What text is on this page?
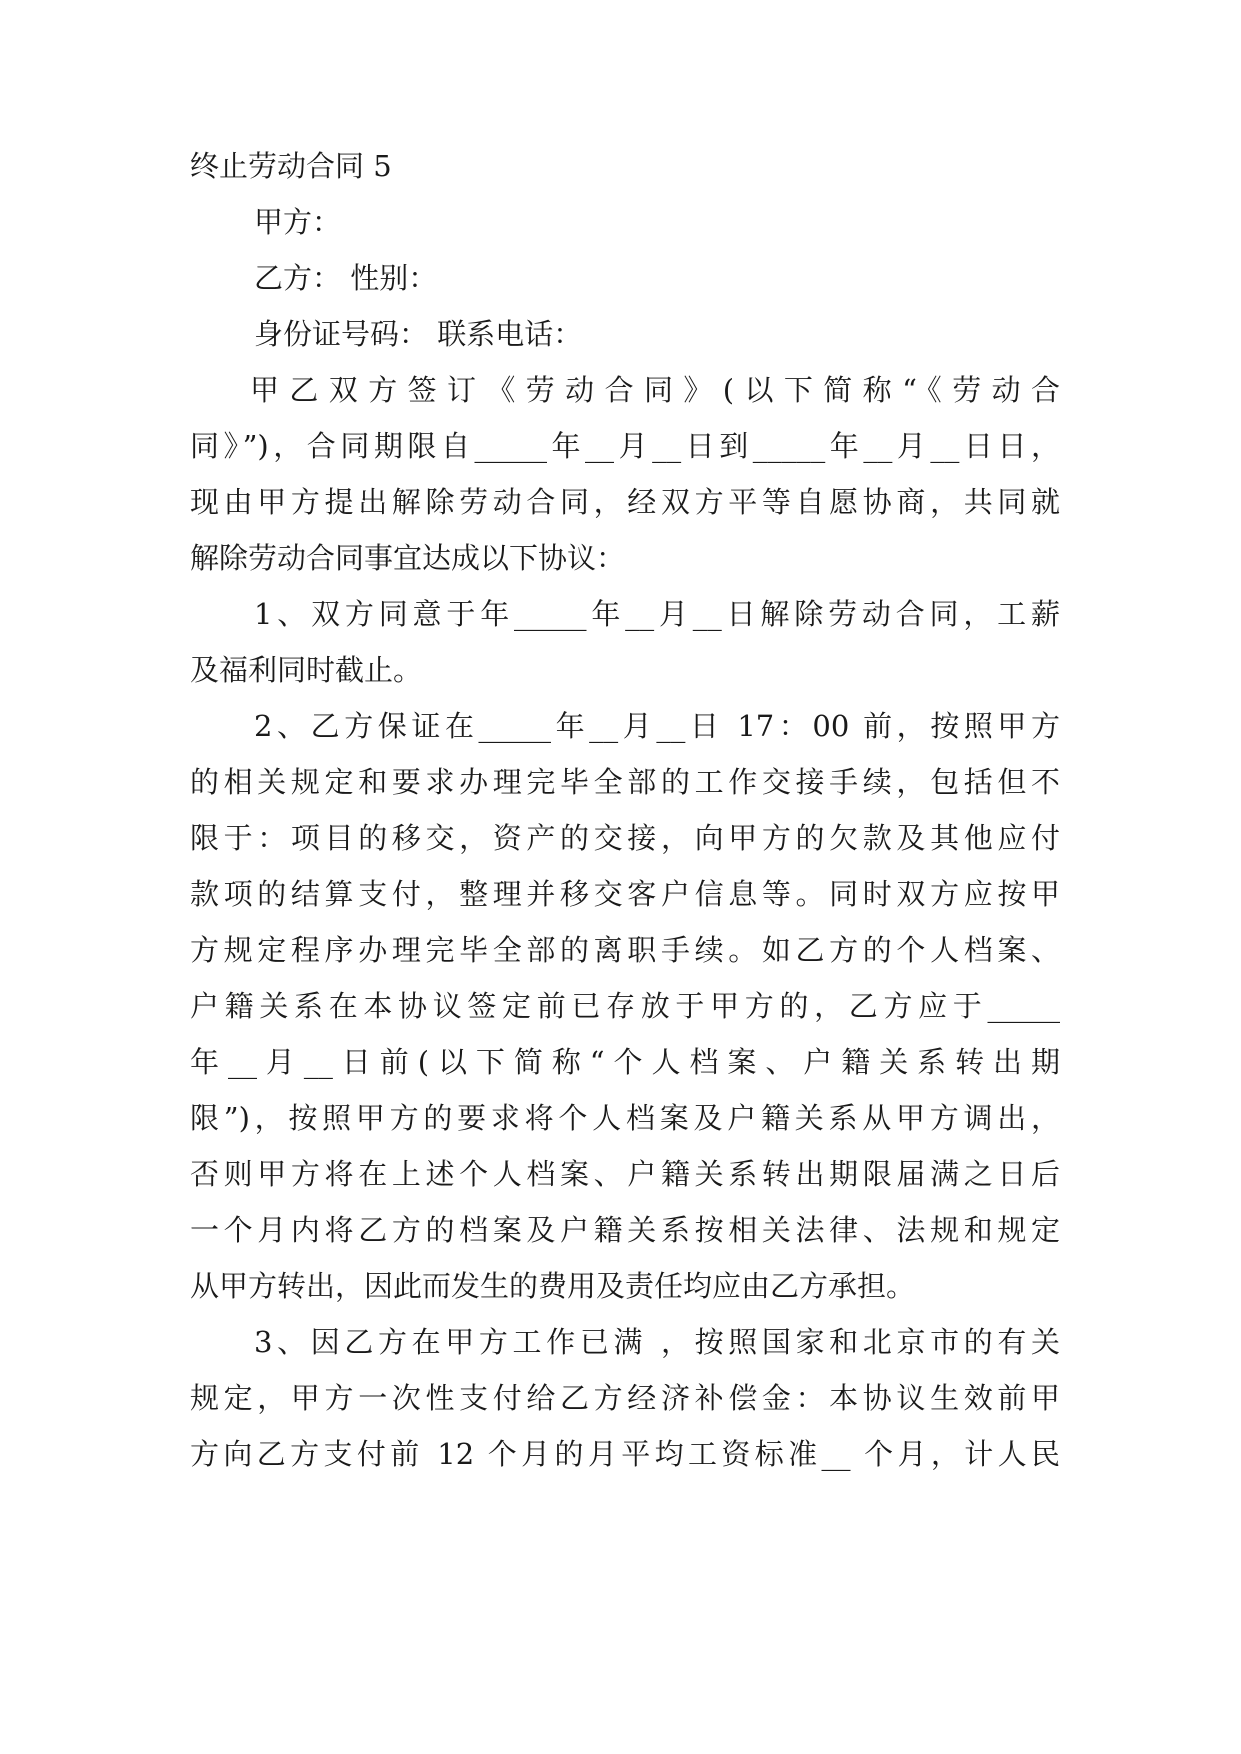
终止劳动合同 5

甲方：

乙方： 性别：

身份证号码： 联系电话：

甲乙双方签订《劳动合同》(以下简称“《劳动合

同》”)，合同期限自_____年__月__日到_____年__月__日日，

现由甲方提出解除劳动合同，经双方平等自愿协商，共同就

解除劳动合同事宜达成以下协议：

1、双方同意于年_____年__月__日解除劳动合同，工薪

及福利同时截止。

2、乙方保证在_____年__月__日 17：00 前，按照甲方

的相关规定和要求办理完毕全部的工作交接手续，包括但不

限于：项目的移交，资产的交接，向甲方的欠款及其他应付

款项的结算支付，整理并移交客户信息等。同时双方应按甲

方规定程序办理完毕全部的离职手续。如乙方的个人档案、

户籍关系在本协议签定前已存放于甲方的，乙方应于_____

年__月__日前(以下简称“个人档案、户籍关系转出期

限”)，按照甲方的要求将个人档案及户籍关系从甲方调出，

否则甲方将在上述个人档案、户籍关系转出期限届满之日后

一个月内将乙方的档案及户籍关系按相关法律、法规和规定

从甲方转出，因此而发生的费用及责任均应由乙方承担。

3、因乙方在甲方工作已满 ，按照国家和北京市的有关

规定，甲方一次性支付给乙方经济补偿金：本协议生效前甲

方向乙方支付前 12 个月的月平均工资标准__ 个月，计人民
